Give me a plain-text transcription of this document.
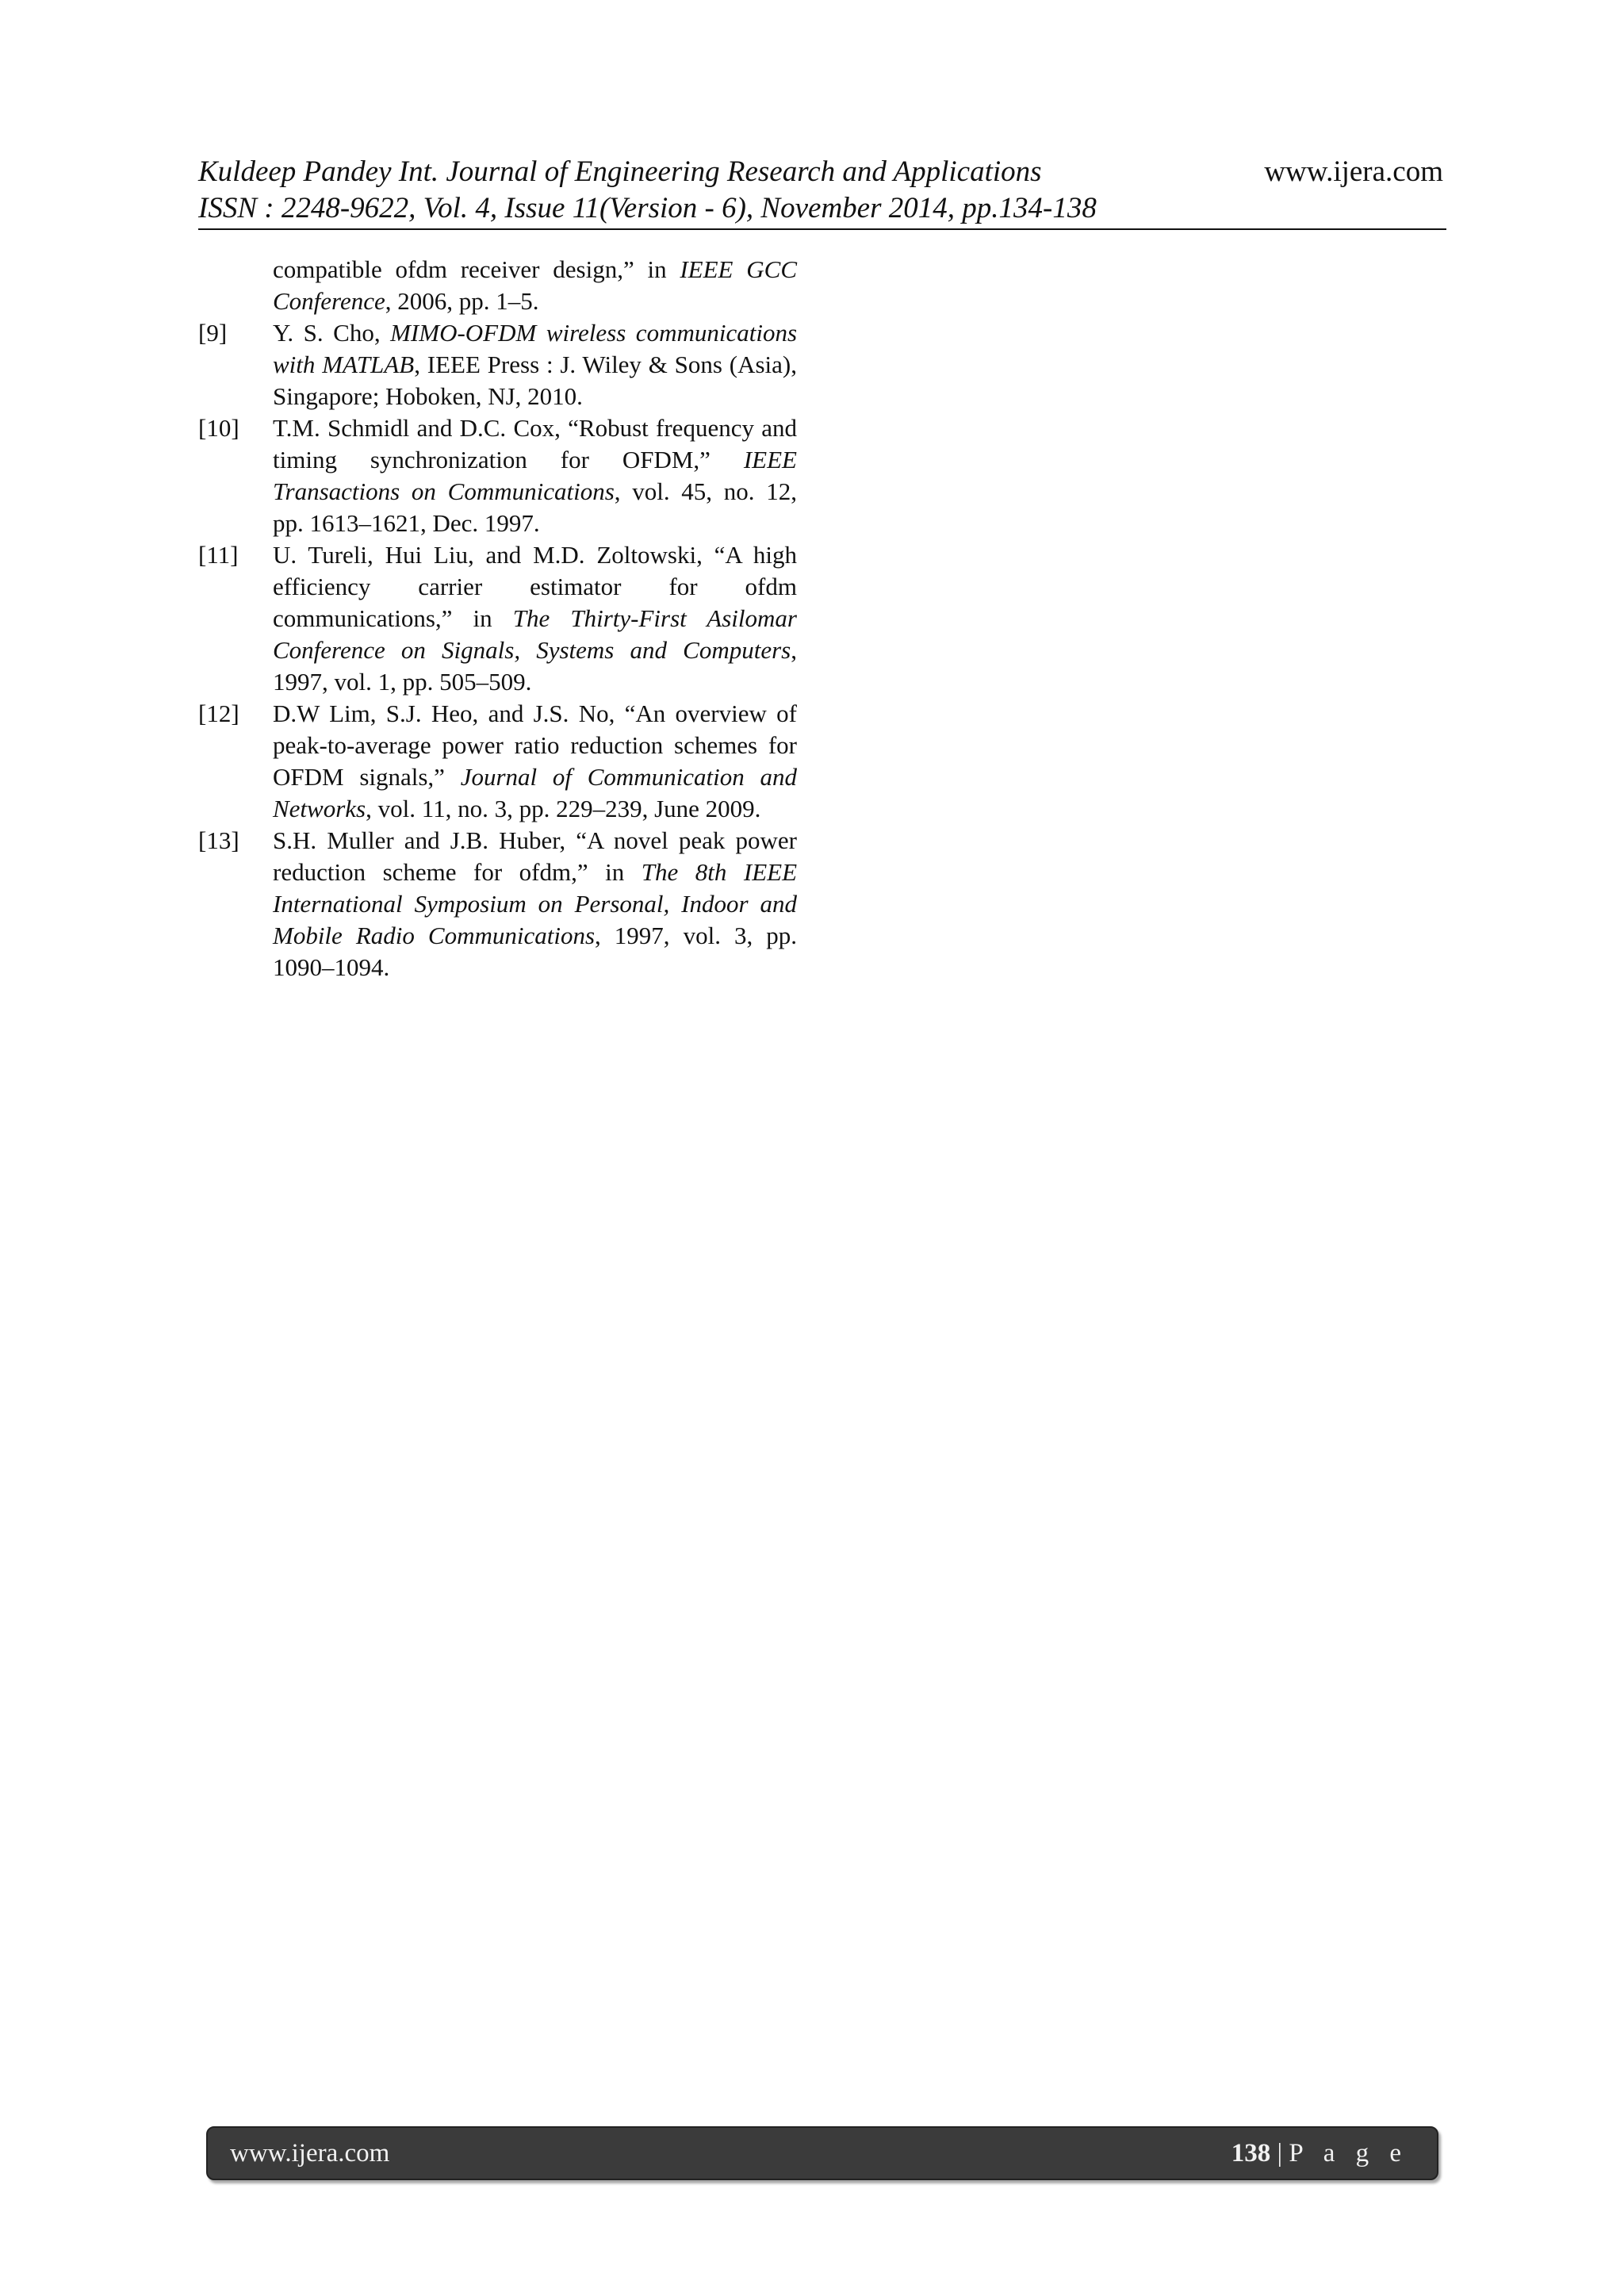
Kuldeep Pandey Int. Journal of Engineering Research and Applications	www.ijera.com
ISSN : 2248-9622, Vol. 4, Issue 11(Version - 6), November 2014, pp.134-138
compatible ofdm receiver design,” in IEEE GCC Conference, 2006, pp. 1–5.
[9] Y. S. Cho, MIMO-OFDM wireless communications with MATLAB, IEEE Press : J. Wiley & Sons (Asia), Singapore; Hoboken, NJ, 2010.
[10] T.M. Schmidl and D.C. Cox, “Robust frequency and timing synchronization for OFDM,” IEEE Transactions on Communications, vol. 45, no. 12, pp. 1613–1621, Dec. 1997.
[11] U. Tureli, Hui Liu, and M.D. Zoltowski, “A high efficiency carrier estimator for ofdm communications,” in The Thirty-First Asilomar Conference on Signals, Systems and Computers, 1997, vol. 1, pp. 505–509.
[12] D.W Lim, S.J. Heo, and J.S. No, “An overview of peak-to-average power ratio reduction schemes for OFDM signals,” Journal of Communication and Networks, vol. 11, no. 3, pp. 229–239, June 2009.
[13] S.H. Muller and J.B. Huber, “A novel peak power reduction scheme for ofdm,” in The 8th IEEE International Symposium on Personal, Indoor and Mobile Radio Communications, 1997, vol. 3, pp. 1090–1094.
www.ijera.com	138 | P a g e
